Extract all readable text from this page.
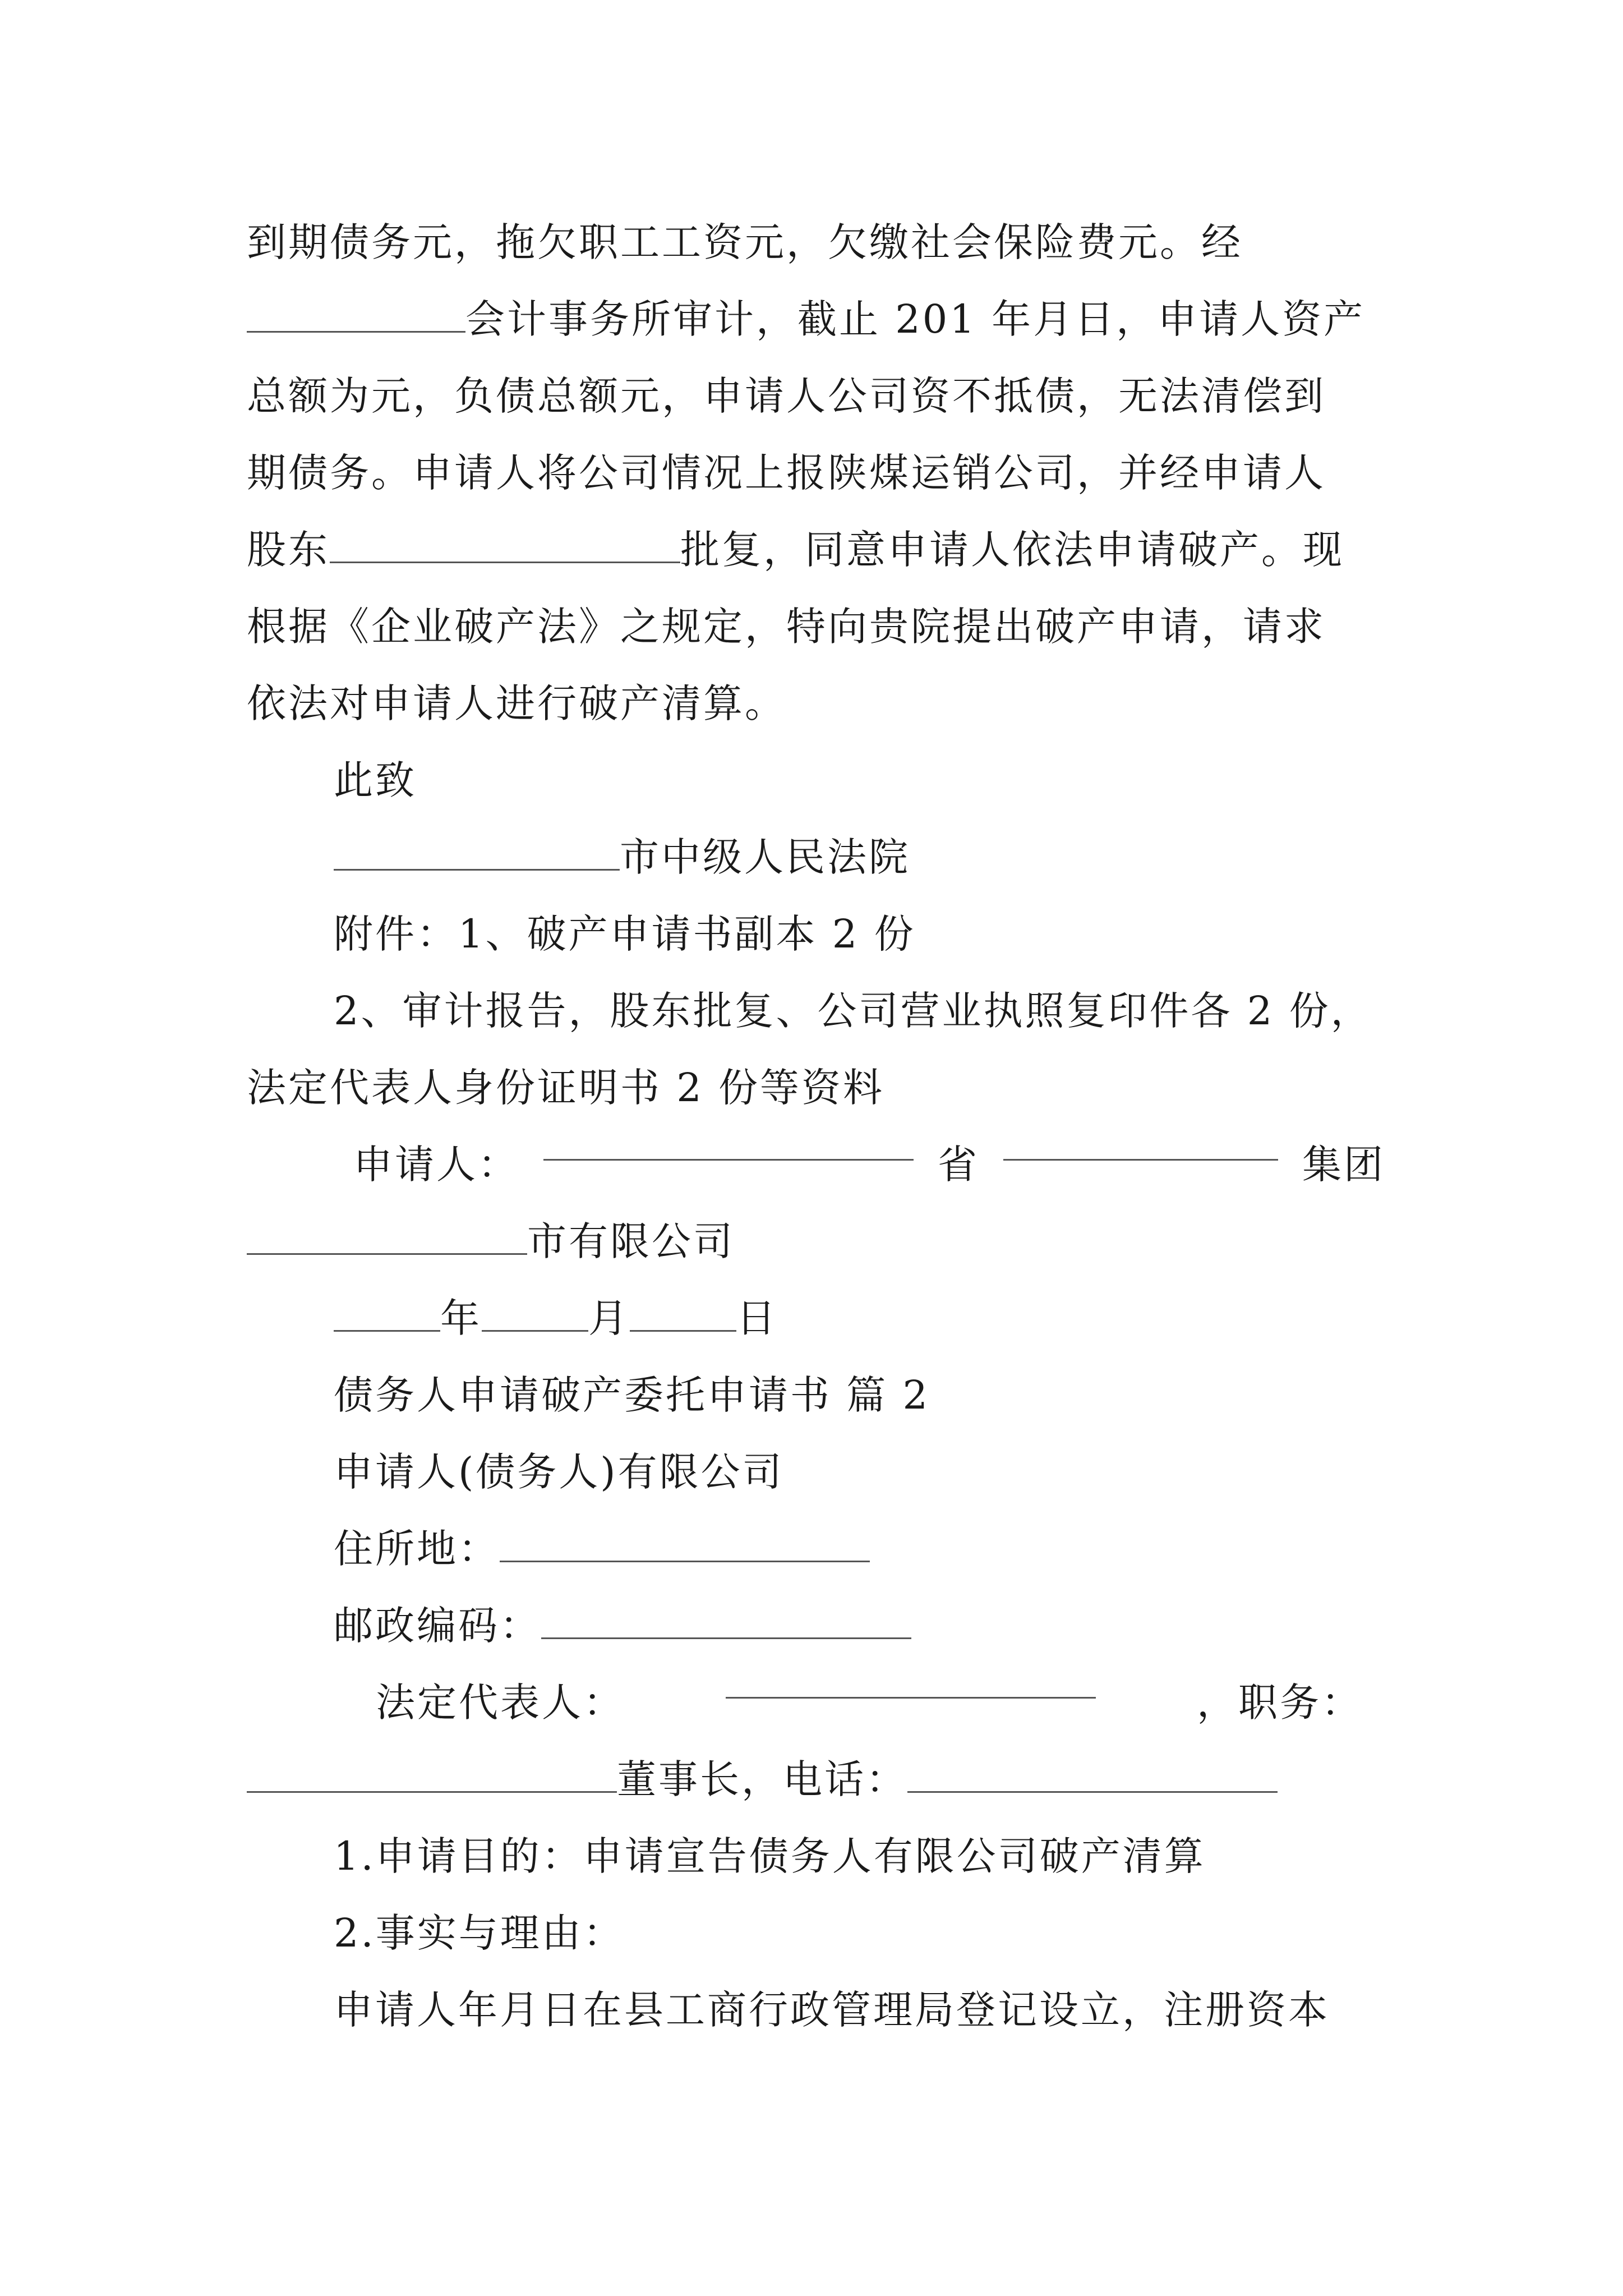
到期债务元，拖欠职工工资元，欠缴社会保险费元。经
会计事务所审计，截止 201 年月日，申请人资产
总额为元，负债总额元，申请人公司资不抵债，无法清偿到
期债务。申请人将公司情况上报陕煤运销公司，并经申请人
股东	批复，同意申请人依法申请破产。现
根据《企业破产法》之规定，特向贵院提出破产申请，请求
依法对申请人进行破产清算。
此致
市中级人民法院
附件：1、破产申请书副本 2 份
2、审计报告，股东批复、公司营业执照复印件各 2 份，
法定代表人身份证明书 2 份等资料
申请人：	省	集团
市有限公司
年	月	日
债务人申请破产委托申请书 篇 2
申请人(债务人)有限公司
住所地：
邮政编码：
法定代表人：	，职务：
董事长，电话：
1.申请目的：申请宣告债务人有限公司破产清算
2.事实与理由：
申请人年月日在县工商行政管理局登记设立，注册资本
